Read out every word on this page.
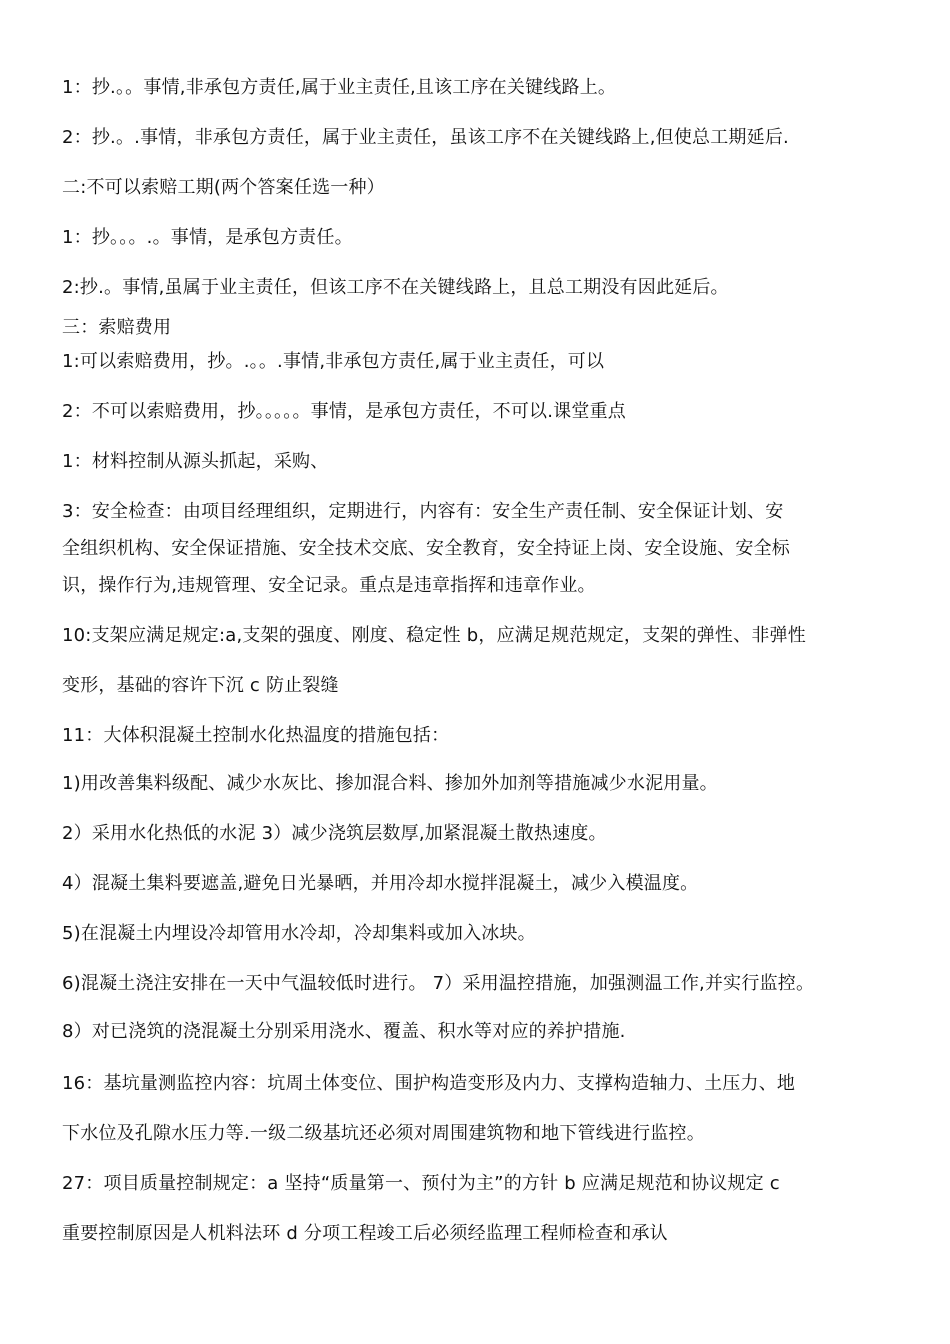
1：抄.。。事情,非承包方责任,属于业主责任,且该工序在关键线路上。
2：抄.。.事情，非承包方责任，属于业主责任，虽该工序不在关键线路上,但使总工期延后.
二:不可以索赔工期(两个答案任选一种）
1：抄。。。.。事情，是承包方责任。
2:抄.。事情,虽属于业主责任，但该工序不在关键线路上，且总工期没有因此延后。
三：索赔费用
1:可以索赔费用，抄。.。。.事情,非承包方责任,属于业主责任，可以
2：不可以索赔费用，抄。。。。。事情，是承包方责任，不可以.课堂重点
1：材料控制从源头抓起，采购、
3：安全检查：由项目经理组织，定期进行，内容有：安全生产责任制、安全保证计划、安
全组织机构、安全保证措施、安全技术交底、安全教育，安全持证上岗、安全设施、安全标
识，操作行为,违规管理、安全记录。重点是违章指挥和违章作业。
10:支架应满足规定:a,支架的强度、刚度、稳定性 b，应满足规范规定，支架的弹性、非弹性
变形，基础的容许下沉 c 防止裂缝
11：大体积混凝土控制水化热温度的措施包括：
1)用改善集料级配、减少水灰比、掺加混合料、掺加外加剂等措施减少水泥用量。
2）采用水化热低的水泥 3）减少浇筑层数厚,加紧混凝土散热速度。
4）混凝土集料要遮盖,避免日光暴晒，并用冷却水搅拌混凝土，减少入模温度。
5)在混凝土内埋设冷却管用水冷却，冷却集料或加入冰块。
6)混凝土浇注安排在一天中气温较低时进行。 7）采用温控措施，加强测温工作,并实行监控。
8）对已浇筑的浇混凝土分别采用浇水、覆盖、积水等对应的养护措施.
16：基坑量测监控内容：坑周土体变位、围护构造变形及内力、支撑构造轴力、土压力、地
下水位及孔隙水压力等.一级二级基坑还必须对周围建筑物和地下管线进行监控。
27：项目质量控制规定：a 坚持“质量第一、预付为主”的方针 b 应满足规范和协议规定 c
重要控制原因是人机料法环 d 分项工程竣工后必须经监理工程师检查和承认
